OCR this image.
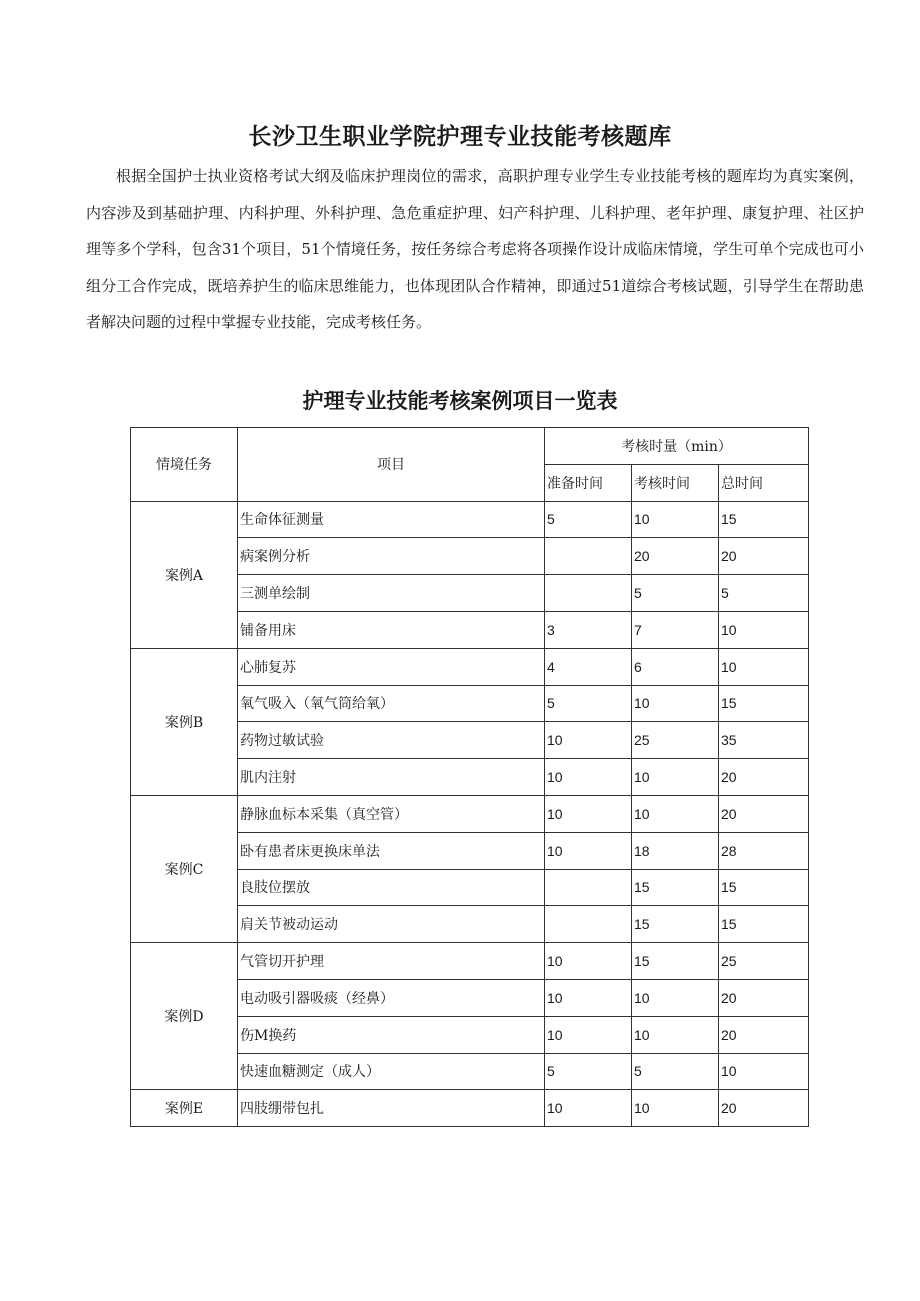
长沙卫生职业学院护理专业技能考核题库

根据全国护士执业资格考试大纲及临床护理岗位的需求，高职护理专业学生专业技能考核的题库均为真实案例，内容涉及到基础护理、内科护理、外科护理、急危重症护理、妇产科护理、儿科护理、老年护理、康复护理、社区护理等多个学科，包含31个项目，51个情境任务，按任务综合考虑将各项操作设计成临床情境，学生可单个完成也可小组分工合作完成，既培养护生的临床思维能力，也体现团队合作精神，即通过51道综合考核试题，引导学生在帮助患者解决问题的过程中掌握专业技能，完成考核任务。

护理专业技能考核案例项目一览表
情境任务	项目	考核时量（min）		
		准备时间	考核时间	总时间
案例A	生命体征测量	5	10	15
	病案例分析		20	20
	三测单绘制		5	5
	铺备用床	3	7	10
案例B	心肺复苏	4	6	10
	氧气吸入（氧气筒给氧）	5	10	15
	药物过敏试验	10	25	35
	肌内注射	10	10	20
案例C	静脉血标本采集（真空管）	10	10	20
	卧有患者床更换床单法	10	18	28
	良肢位摆放		15	15
	肩关节被动运动		15	15
案例D	气管切开护理	10	15	25
	电动吸引器吸痰（经鼻）	10	10	20
	伤M换药	10	10	20
	快速血糖测定（成人）	5	5	10
案例E	四肢绷带包扎	10	10	20
